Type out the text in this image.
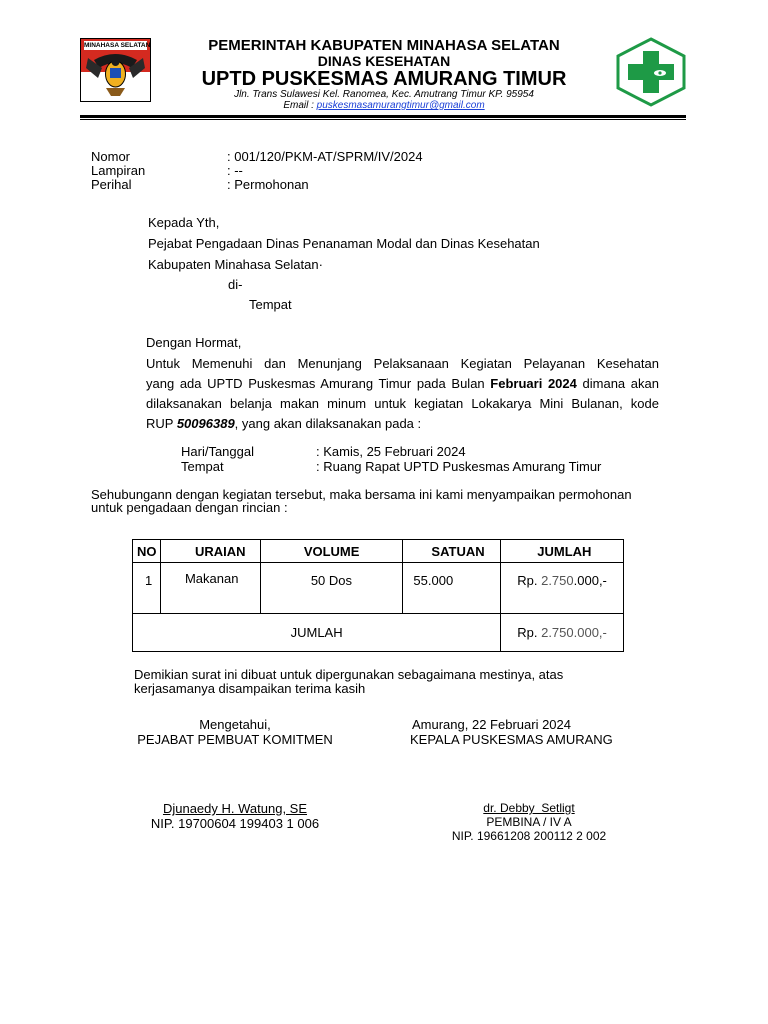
MINAHASA SELATAN	PEMERINTAH KABUPATEN MINAHASA SELATAN
DINAS KESEHATAN
UPTD PUSKESMAS AMURANG TIMUR
Jln. Trans Sulawesi Kel. Ranomea, Kec. Amutrang Timur KP. 95954
Email : puskesmasamurangtimur@gmail.com
Nomor	: 001/120/PKM-AT/SPRM/IV/2024
Lampiran	: --
Perihal	: Permohonan
Kepada Yth,
Pejabat Pengadaan Dinas Penanaman Modal dan Dinas Kesehatan
Kabupaten Minahasa Selatan·
di-
Tempat
Dengan Hormat,
Untuk Memenuhi dan Menunjang Pelaksanaan Kegiatan Pelayanan Kesehatan
yang ada UPTD Puskesmas Amurang Timur pada Bulan Februari 2024 dimana akan
dilaksanakan belanja makan minum untuk kegiatan Lokakarya Mini Bulanan, kode
RUP 50096389, yang akan dilaksanakan pada :
Hari/Tanggal	: Kamis, 25 Februari 2024
Tempat	: Ruang Rapat UPTD Puskesmas Amurang Timur
Sehubungann dengan kegiatan tersebut, maka bersama ini kami menyampaikan permohonan
untuk pengadaan dengan rincian :
NO	URAIAN	VOLUME	SATUAN	JUMLAH
1	Makanan	50 Dos	55.000	Rp. 2.750.000,-
JUMLAH				Rp. 2.750.000,-
Demikian surat ini dibuat untuk dipergunakan sebagaimana mestinya, atas
kerjasamanya disampaikan terima kasih
Mengetahui,
PEJABAT PEMBUAT KOMITMEN
Djunaedy H. Watung, SE
NIP. 19700604 199403 1 006
Amurang, 22 Februari 2024
KEPALA PUSKESMAS AMURANG
dr. Debby  Setligt
PEMBINA / IV A
NIP. 19661208 200112 2 002
